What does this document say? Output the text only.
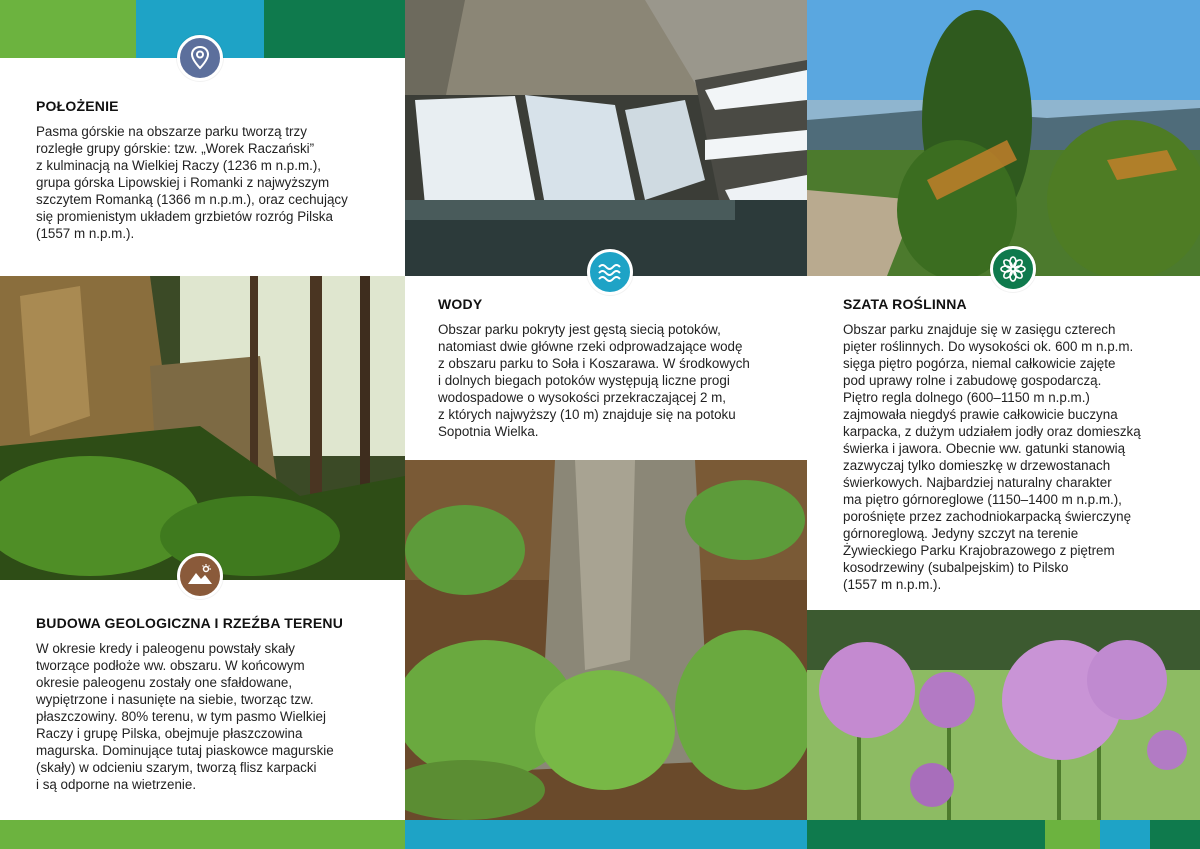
POŁOŻENIE
Pasma górskie na obszarze parku tworzą trzy
rozległe grupy górskie: tzw. „Worek Raczański”
z kulminacją na Wielkiej Raczy (1236 m n.p.m.),
grupa górska Lipowskiej i Romanki z najwyższym
szczytem Romanką (1366 m n.p.m.), oraz cechujący
się promienistym układem grzbietów rozróg Pilska
(1557 m n.p.m.).
WODY
Obszar parku pokryty jest gęstą siecią potoków,
natomiast dwie główne rzeki odprowadzające wodę
z obszaru parku to Soła i Koszarawa. W środkowych
i dolnych biegach potoków występują liczne progi
wodospadowe o wysokości przekraczającej 2 m,
z których najwyższy (10 m) znajduje się na potoku
Sopotnia Wielka.
SZATA ROŚLINNA
Obszar parku znajduje się w zasięgu czterech
pięter roślinnych. Do wysokości ok. 600 m n.p.m.
sięga piętro pogórza, niemal całkowicie zajęte
pod uprawy rolne i zabudowę gospodarczą.
Piętro regla dolnego (600–1150 m n.p.m.)
zajmowała niegdyś prawie całkowicie buczyna
karpacka, z dużym udziałem jodły oraz domieszką
świerka i jawora. Obecnie ww. gatunki stanowią
zazwyczaj tylko domieszkę w drzewostanach
świerkowych. Najbardziej naturalny charakter
ma piętro górnoreglowe (1150–1400 m n.p.m.),
porośnięte przez zachodniokarpacką świerczynę
górnoreglową. Jedyny szczyt na terenie
Żywieckiego Parku Krajobrazowego z piętrem
kosodrzewiny (subalpejskim) to Pilsko
(1557 m n.p.m.).
BUDOWA GEOLOGICZNA I RZEŹBA TERENU
W okresie kredy i paleogenu powstały skały
tworzące podłoże ww. obszaru. W końcowym
okresie paleogenu zostały one sfałdowane,
wypiętrzone i nasunięte na siebie, tworząc tzw.
płaszczowiny. 80% terenu, w tym pasmo Wielkiej
Raczy i grupę Pilska, obejmuje płaszczowina
magurska. Dominujące tutaj piaskowce magurskie
(skały) w odcieniu szarym, tworzą flisz karpacki
i są odporne na wietrzenie.
